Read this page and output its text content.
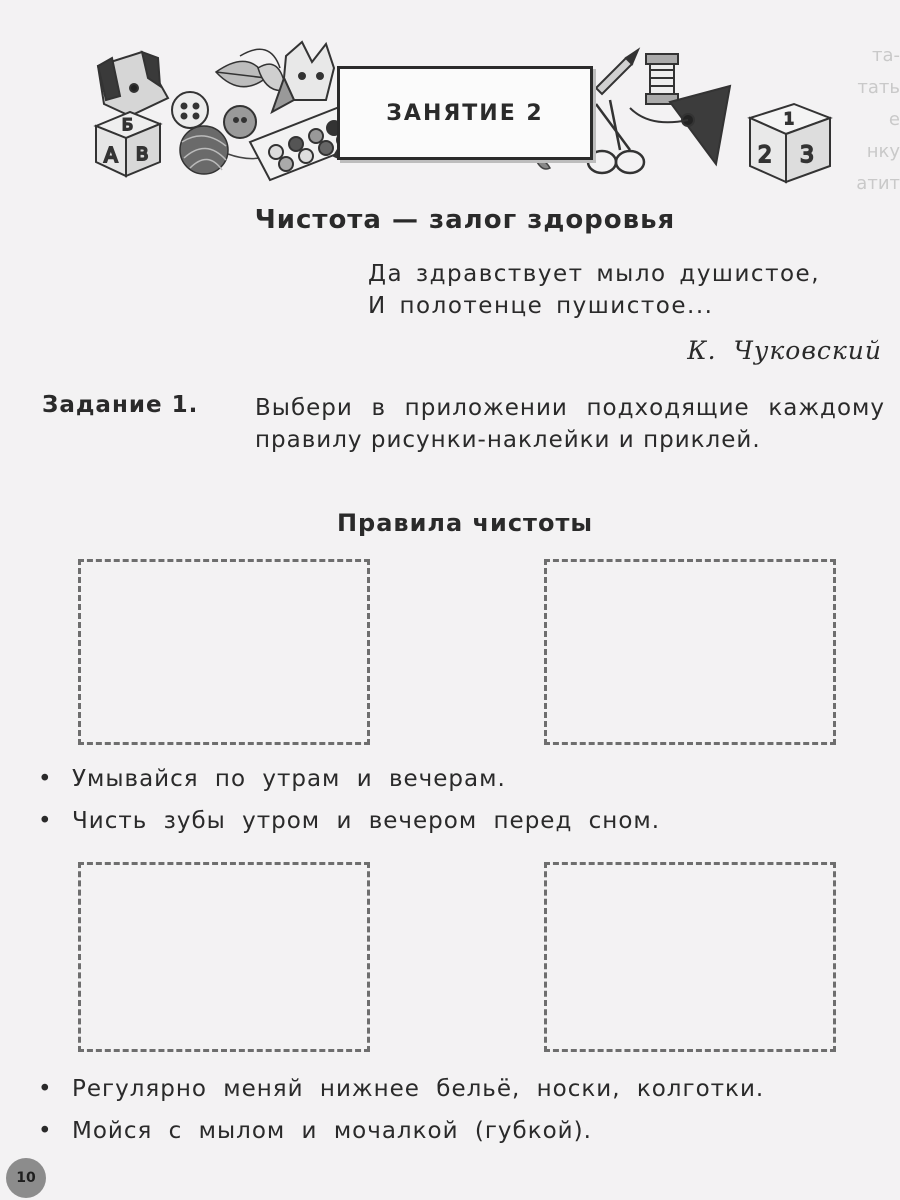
Б
А В
1
2 3
ЗАНЯТИЕ 2
та-
тать
е
нку
атит
Чистота — залог здоровья
Да здравствует мыло душистое,
И полотенце пушистое...
К. Чуковский
Задание 1. Выбери в приложении подходящие каждому правилу рисунки-наклейки и приклей.
Правила чистоты
• Умывайся по утрам и вечерам.
• Чисть зубы утром и вечером перед сном.
• Регулярно меняй нижнее бельё, носки, колготки.
• Мойся с мылом и мочалкой (губкой).
10
